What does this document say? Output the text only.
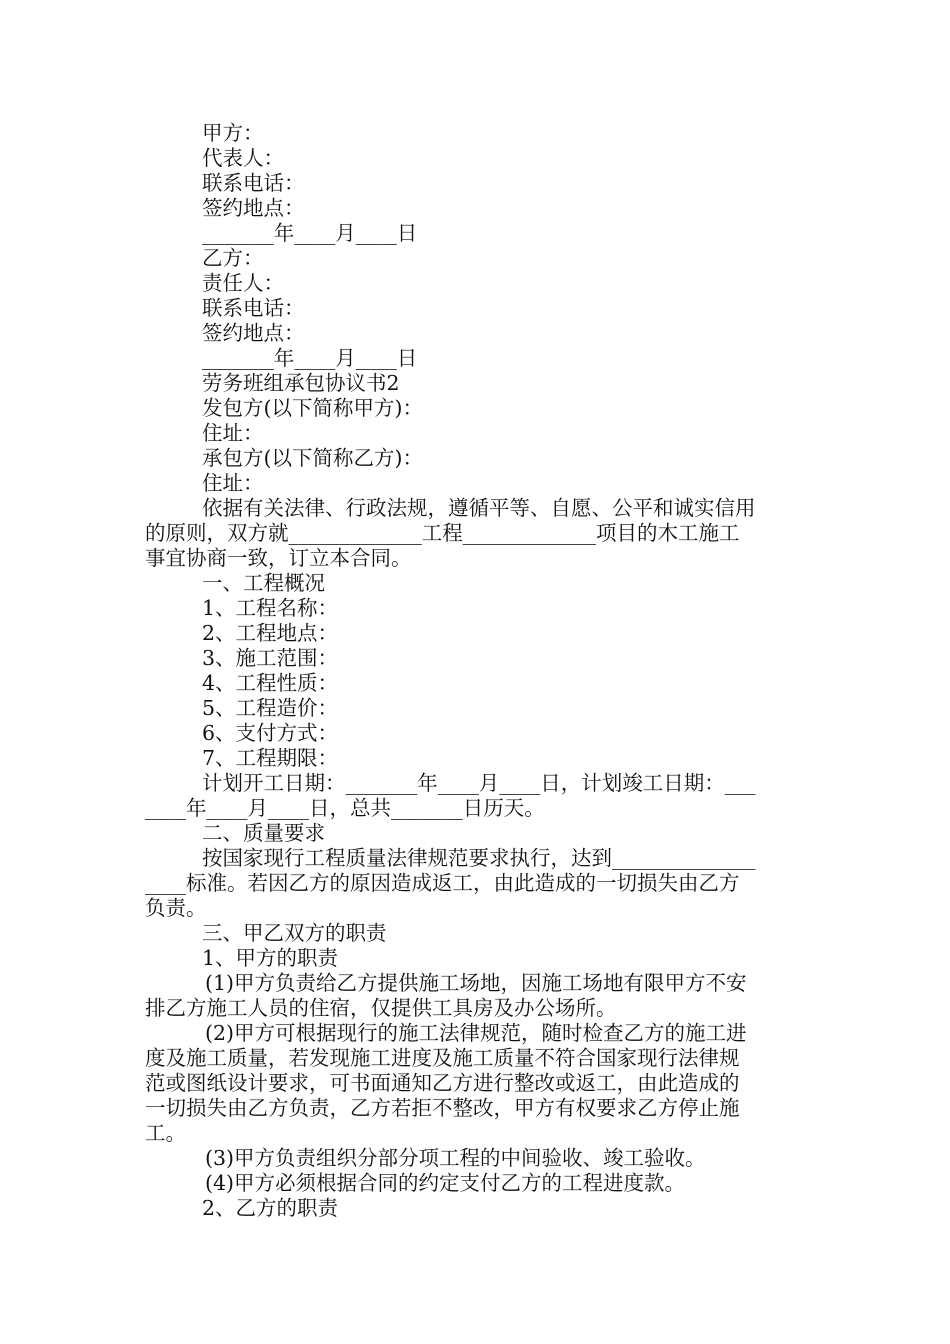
甲方：
代表人：
联系电话：
签约地点：
_______年____月____日
乙方：
责任人：
联系电话：
签约地点：
_______年____月____日
劳务班组承包协议书2
发包方(以下简称甲方)：
住址：
承包方(以下简称乙方)：
住址：
依据有关法律、行政法规，遵循平等、自愿、公平和诚实信用
的原则，双方就_____________工程_____________项目的木工施工
事宜协商一致，订立本合同。
一、工程概况
1、工程名称：
2、工程地点：
3、施工范围：
4、工程性质：
5、工程造价：
6、支付方式：
7、工程期限：
计划开工日期：_______年____月____日，计划竣工日期：___
____年____月____日，总共_______日历天。
二、质量要求
按国家现行工程质量法律规范要求执行，达到______________
____标准。若因乙方的原因造成返工，由此造成的一切损失由乙方
负责。
三、甲乙双方的职责
1、甲方的职责
(1)甲方负责给乙方提供施工场地，因施工场地有限甲方不安
排乙方施工人员的住宿，仅提供工具房及办公场所。
(2)甲方可根据现行的施工法律规范，随时检查乙方的施工进
度及施工质量，若发现施工进度及施工质量不符合国家现行法律规
范或图纸设计要求，可书面通知乙方进行整改或返工，由此造成的
一切损失由乙方负责，乙方若拒不整改，甲方有权要求乙方停止施
工。
(3)甲方负责组织分部分项工程的中间验收、竣工验收。
(4)甲方必须根据合同的约定支付乙方的工程进度款。
2、乙方的职责
